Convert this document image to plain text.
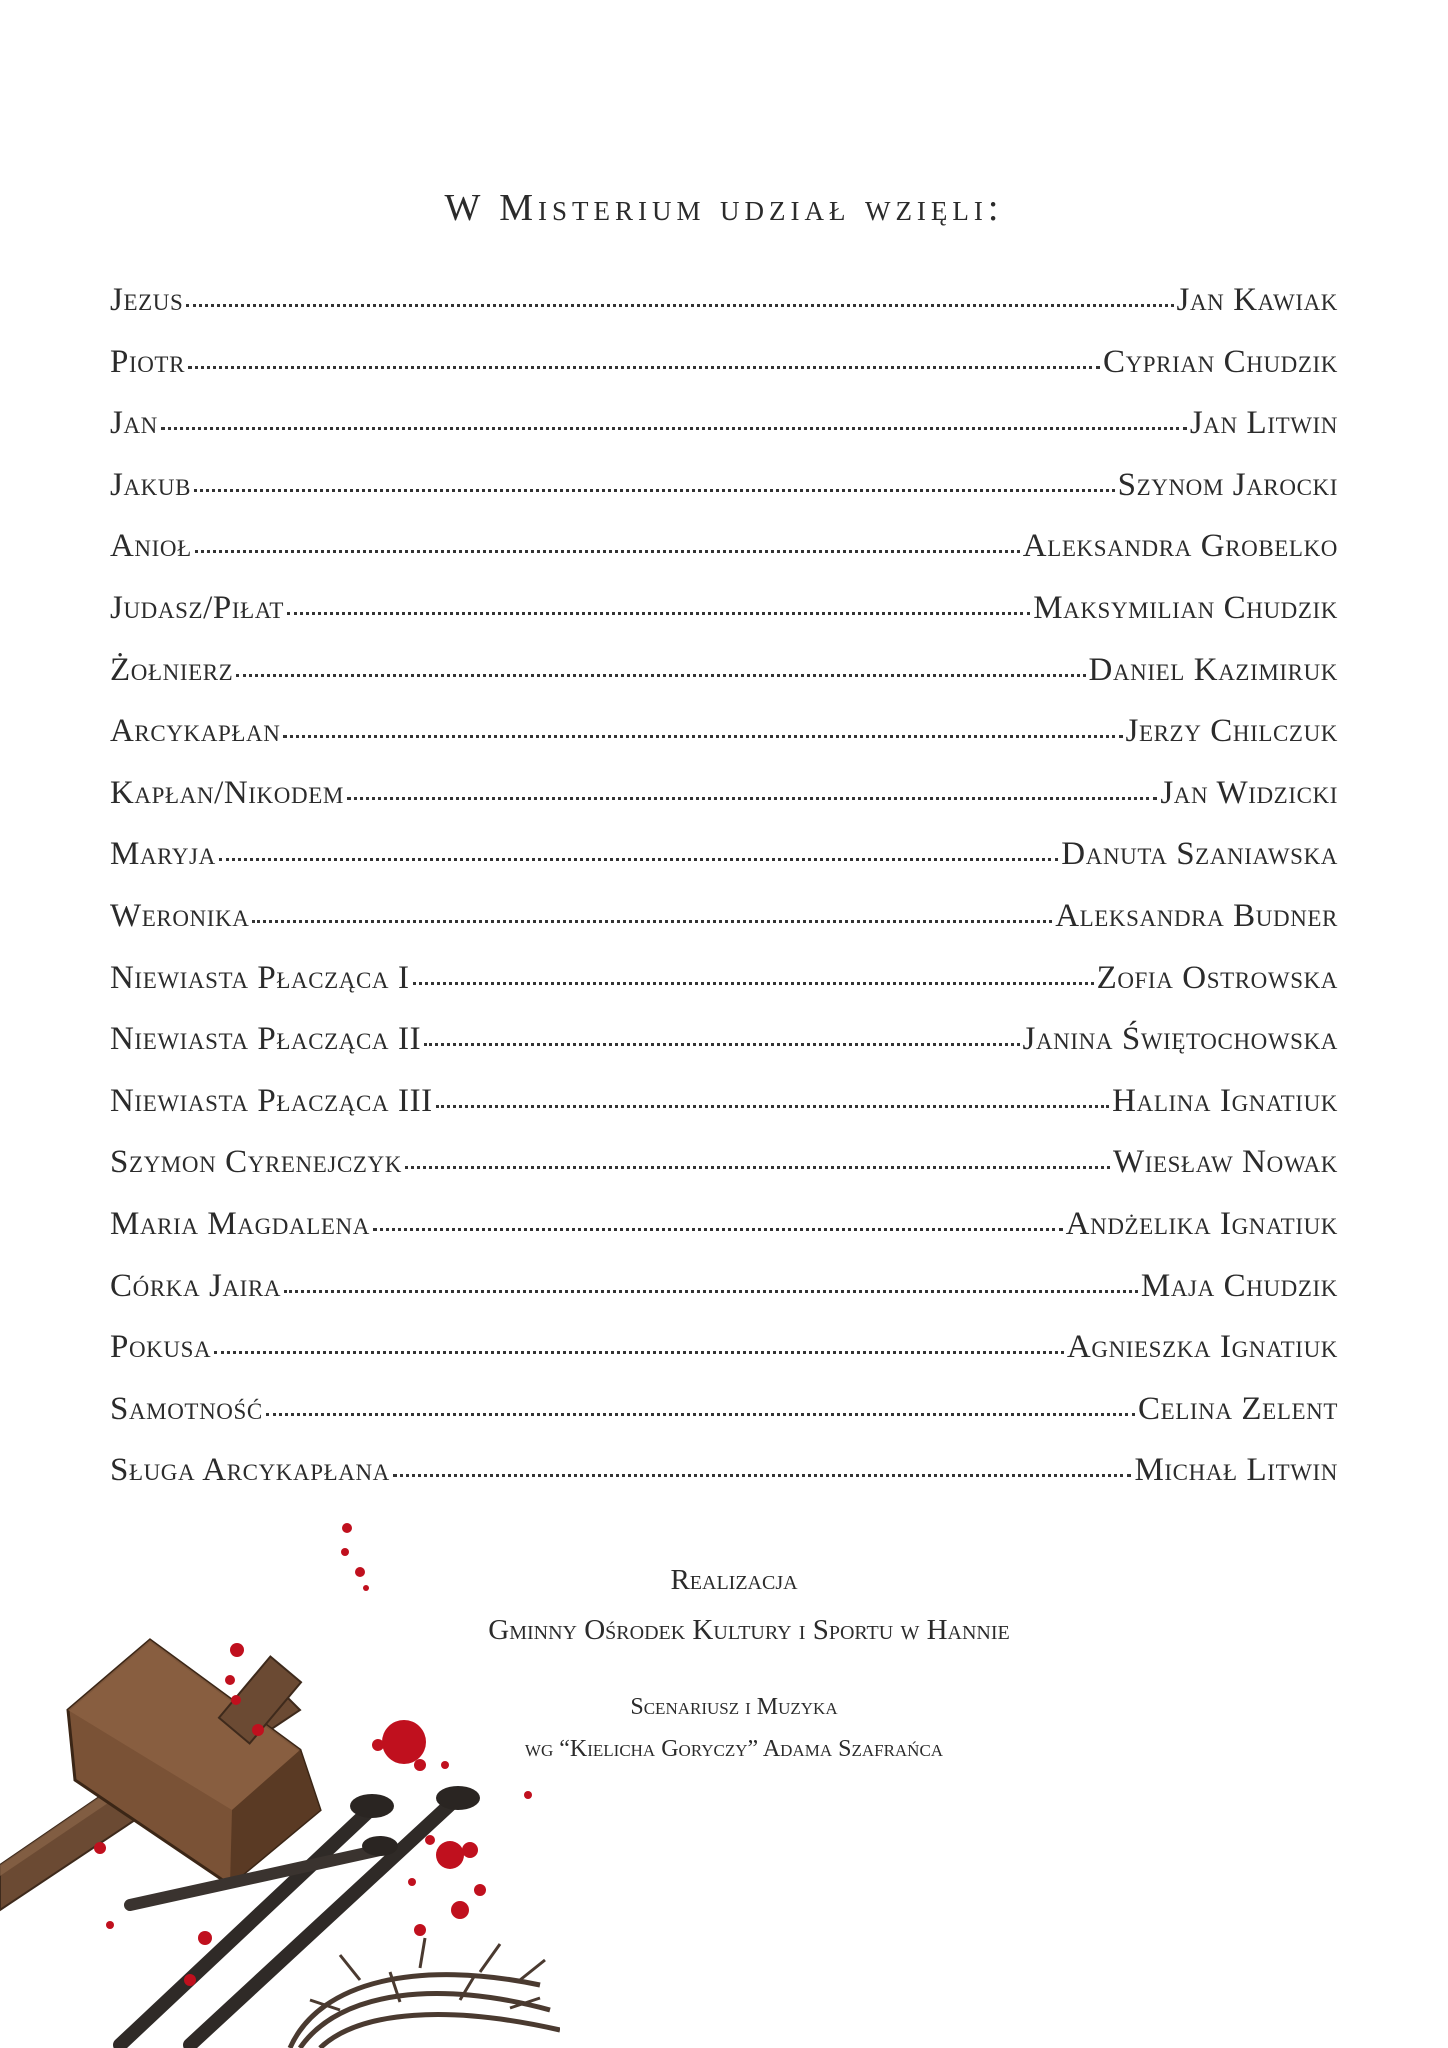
W Misterium udział wzięli:
Jezus	Jan Kawiak
Piotr	Cyprian Chudzik
Jan	Jan Litwin
Jakub	Szynom Jarocki
Anioł	Aleksandra Grobelko
Judasz/Piłat	Maksymilian Chudzik
Żołnierz	Daniel Kazimiruk
Arcykapłan	Jerzy Chilczuk
Kapłan/Nikodem	Jan Widzicki
Maryja	Danuta Szaniawska
Weronika	Aleksandra Budner
Niewiasta Płacząca I	Zofia Ostrowska
Niewiasta Płacząca II	Janina Świętochowska
Niewiasta Płacząca III	Halina Ignatiuk
Szymon Cyrenejczyk	Wiesław Nowak
Maria Magdalena	Andżelika Ignatiuk
Córka Jaira	Maja Chudzik
Pokusa	Agnieszka Ignatiuk
Samotność	Celina Zelent
Sługa Arcykapłana	Michał Litwin
Realizacja
Gminny Ośrodek Kultury i Sportu w Hannie
Scenariusz i Muzyka
wg “Kielicha Goryczy” Adama Szafrańca
